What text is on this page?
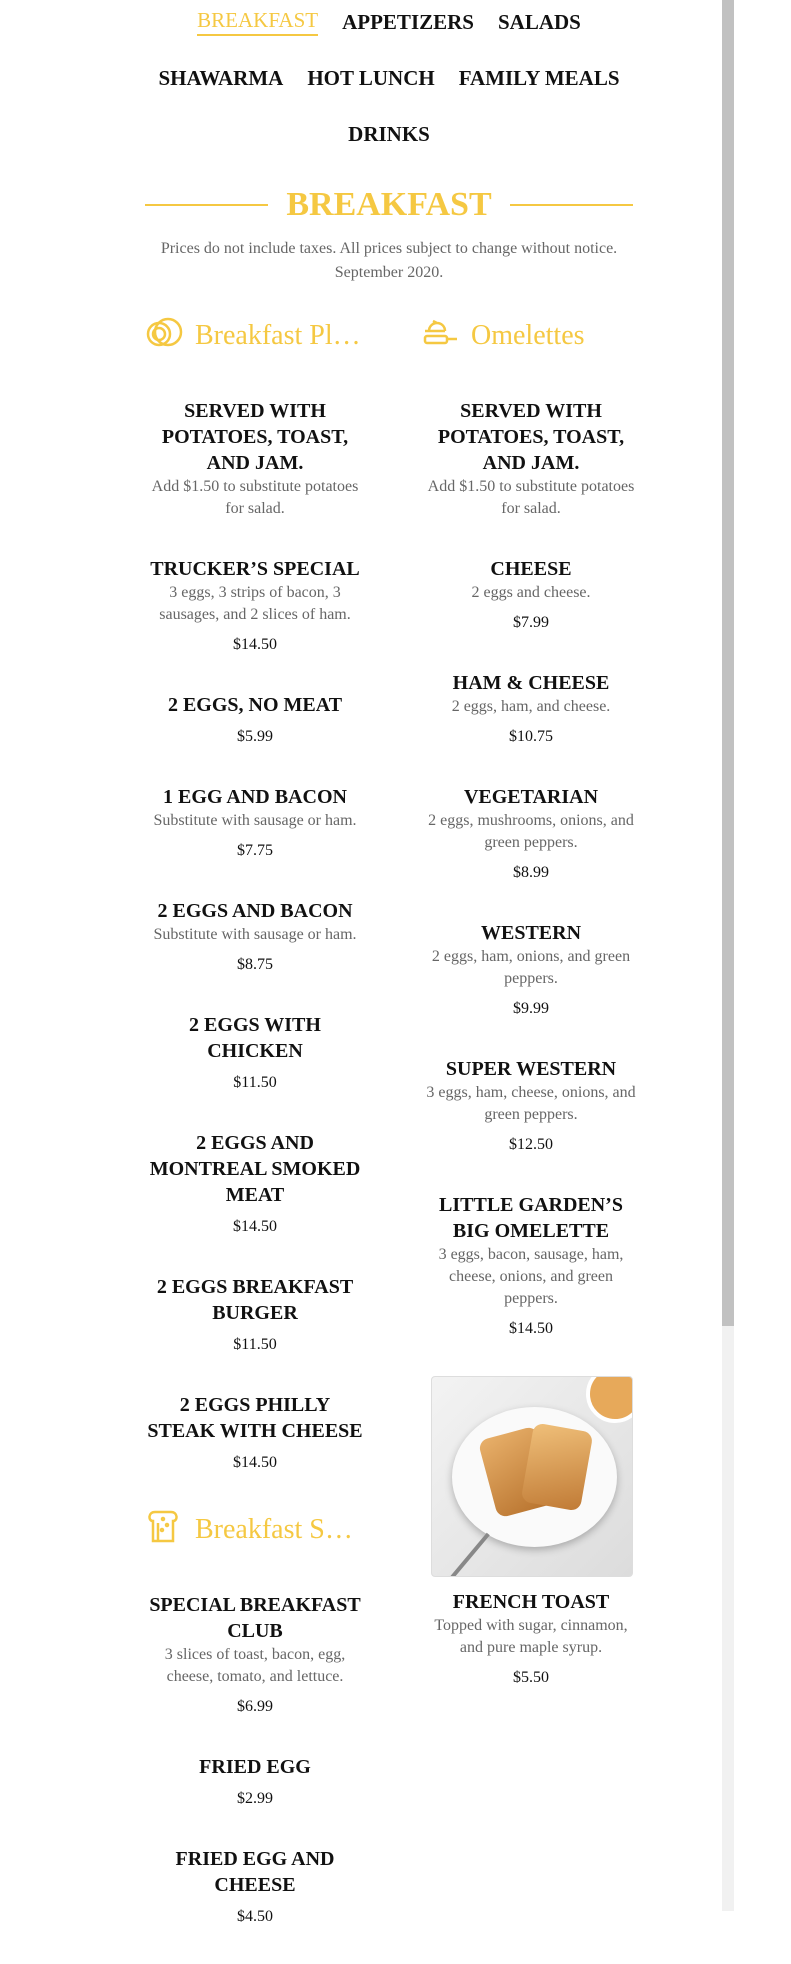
BREAKFAST APPETIZERS SALADS
SHAWARMA HOT LUNCH FAMILY MEALS
DRINKS
BREAKFAST
Prices do not include taxes. All prices subject to change without notice.
September 2020.
Breakfast Pl…
SERVED WITH POTATOES, TOAST, AND JAM.

Add $1.50 to substitute potatoes for salad.

TRUCKER’S SPECIAL

3 eggs, 3 strips of bacon, 3 sausages, and 2 slices of ham.

$14.50
2 EGGS, NO MEAT
$5.99
1 EGG AND BACON

Substitute with sausage or ham.

$7.75
2 EGGS AND BACON

Substitute with sausage or ham.

$8.75
2 EGGS WITH CHICKEN
$11.50
2 EGGS AND MONTREAL SMOKED MEAT
$14.50
2 EGGS BREAKFAST BURGER
$11.50
2 EGGS PHILLY STEAK WITH CHEESE
$14.50
Breakfast S…
SPECIAL BREAKFAST CLUB

3 slices of toast, bacon, egg, cheese, tomato, and lettuce.

$6.99
FRIED EGG
$2.99
FRIED EGG AND CHEESE
$4.50
Omelettes
SERVED WITH POTATOES, TOAST, AND JAM.

Add $1.50 to substitute potatoes for salad.

CHEESE

2 eggs and cheese.

$7.99
HAM & CHEESE

2 eggs, ham, and cheese.

$10.75
VEGETARIAN

2 eggs, mushrooms, onions, and green peppers.

$8.99
WESTERN

2 eggs, ham, onions, and green peppers.

$9.99
SUPER WESTERN

3 eggs, ham, cheese, onions, and green peppers.

$12.50
LITTLE GARDEN’S BIG OMELETTE

3 eggs, bacon, sausage, ham, cheese, onions, and green peppers.

$14.50
FRENCH TOAST

Topped with sugar, cinnamon, and pure maple syrup.

$5.50
